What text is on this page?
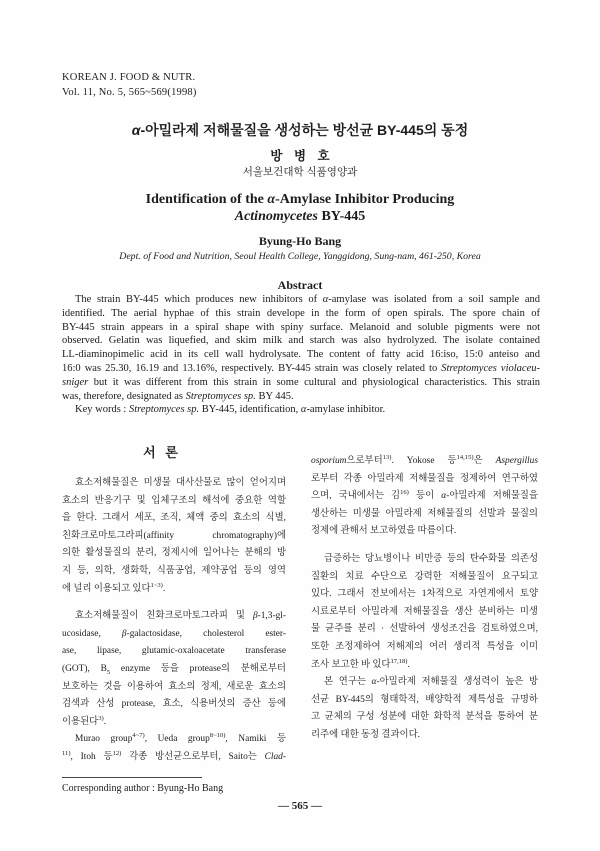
KOREAN J. FOOD & NUTR.
Vol. 11, No. 5, 565~569(1998)
α-아밀라제 저해물질을 생성하는 방선균 BY-445의 동정
방 병 호
서울보건대학 식품영양과
Identification of the α-Amylase Inhibitor Producing
Actinomycetes BY-445
Byung-Ho Bang
Dept. of Food and Nutrition, Seoul Health College, Yanggidong, Sung-nam, 461-250, Korea
Abstract
The strain BY-445 which produces new inhibitors of α-amylase was isolated from a soil sample and
identified. The aerial hyphae of this strain develope in the form of open spirals. The spore chain of
BY-445 strain appears in a spiral shape with spiny surface. Melanoid and soluble pigments were not
observed. Gelatin was liquefied, and skim milk and starch was also hydrolyzed. The isolate contained
LL-diaminopimelic acid in its cell wall hydrolysate. The content of fatty acid 16:iso, 15:0 anteiso and
16:0 was 25.30, 16.19 and 13.16%, respectively. BY-445 strain was closely related to Streptomyces violaceu-
sniger but it was different from this strain in some cultural and physiological characteristics. This strain
was, therefore, designated as Streptomyces sp. BY 445.
Key words : Streptomyces sp. BY-445, identification, α-amylase inhibitor.
서 론
효소저해물질은 미생물 대사산물로 많이 얻어지며
효소의 반응기구 및 입체구조의 해석에 중요한 역할
을 한다. 그래서 세포, 조직, 체액 중의 효소의 식별,
친화크로마토그라피(affinity chromatography)에
의한 활성물질의 분리, 정제시에 일어나는 분해의 방
지 등, 의학, 생화학, 식품공업, 제약공업 등의 영역
에 널리 이용되고 있다$^{1\sim 3)}$.
효소저해물질이 친화크로마토그라피 및 β-1,3-gl-
ucosidase, β-galactosidase, cholesterol ester-
ase, lipase, glutamic-oxaloacetate transferase
(GOT), $B_5$ enzyme 등을 protease의 분해로부터
보호하는 것을 이용하여 효소의 정제, 새로운 효소의
검색과 산성 protease, 효소, 식용버섯의 증산 등에
이용된다$^{3)}$.
Murao group$^{4\sim 7)}$, Ueda group$^{8\sim 10)}$, Namiki 등
$^{11)}$, Itoh 등$^{12)}$ 각종 방선균으로부터, Saito는 Clad-
osporium으로부터$^{13)}$. Yokose 등$^{14,15)}$은 Aspergillus
로부터 각종 아밀라제 저해물질을 정제하여 연구하였
으며, 국내에서는 김$^{16)}$ 등이 α-아밀라제 저해물질을
생산하는 미생물 아밀라제 저해물질의 선발과 물질의
정제에 관해서 보고하였을 따름이다.
급증하는 당뇨병이나 비만증 등의 탄수화물 의존성
질환의 치료 수단으로 강력한 저해물질이 요구되고
있다. 그래서 전보에서는 1차적으로 자연계에서 토양
시료로부터 아밀라제 저해물질을 생산 분비하는 미생
물 균주를 분리 · 선발하여 생성조건을 검토하였으며,
또한 조정제하여 저해제의 여러 생리적 특성을 이미
조사 보고한 바 있다$^{17,18)}$.
본 연구는 α-아밀라제 저해물질 생성력이 높은 방
선균 BY-445의 형태학적, 배양학적 제특성을 규명하
고 균체의 구성 성분에 대한 화학적 분석을 통하여 분
리주에 대한 동정 결과이다.
Corresponding author : Byung-Ho Bang
— 565 —
